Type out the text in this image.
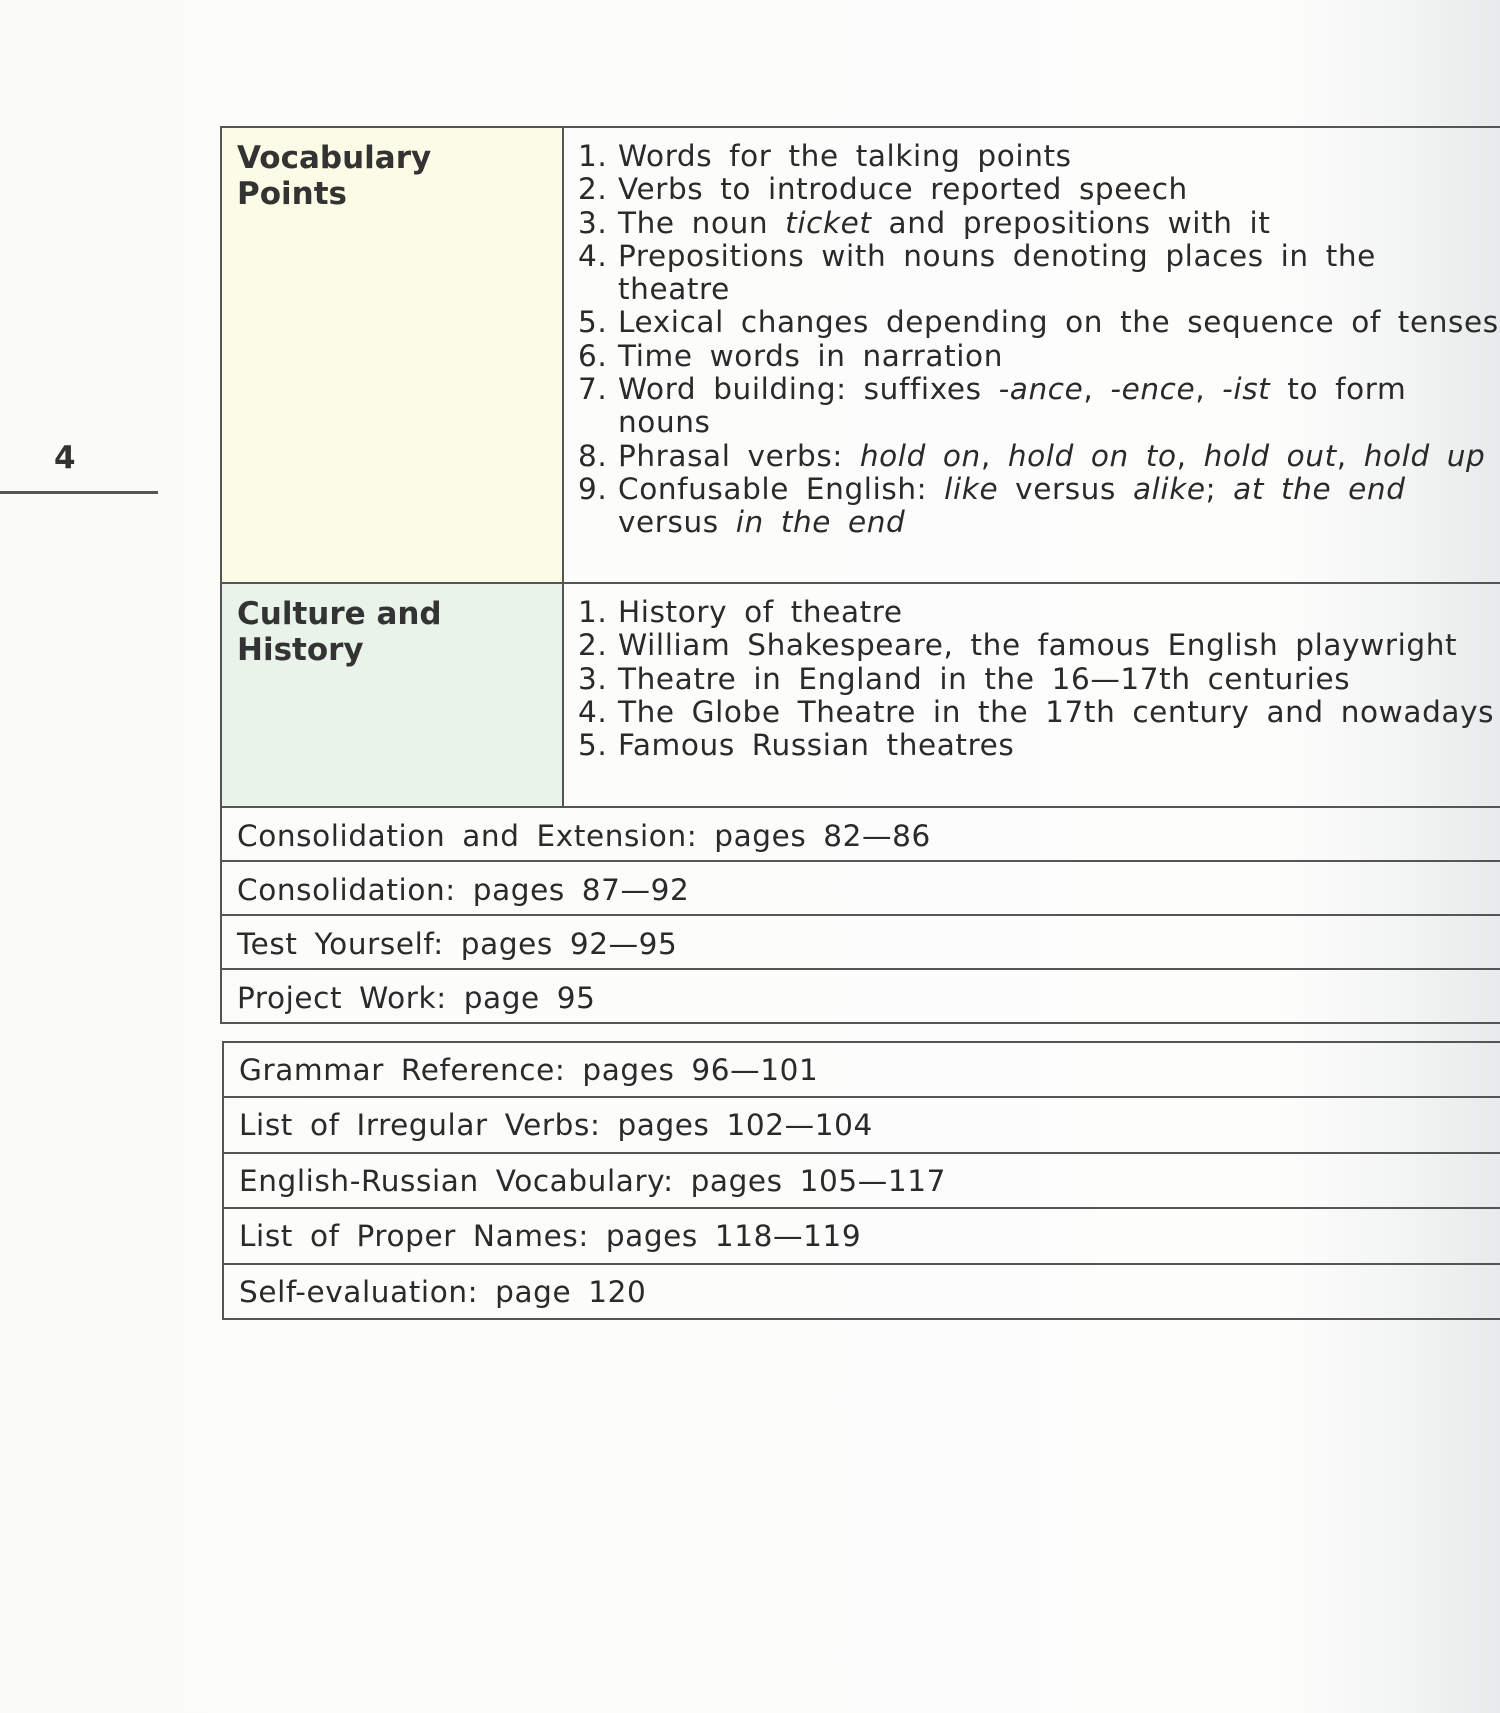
4
Vocabulary
Points
1. Words for the talking points
2. Verbs to introduce reported speech
3. The noun ticket and prepositions with it
4. Prepositions with nouns denoting places in the theatre
5. Lexical changes depending on the sequence of tenses
6. Time words in narration
7. Word building: suffixes -ance, -ence, -ist to form nouns
8. Phrasal verbs: hold on, hold on to, hold out, hold up
9. Confusable English: like versus alike; at the end versus in the end
Culture and
History
1. History of theatre
2. William Shakespeare, the famous English playwright
3. Theatre in England in the 16—17th centuries
4. The Globe Theatre in the 17th century and nowadays
5. Famous Russian theatres
Consolidation and Extension: pages 82—86
Consolidation: pages 87—92
Test Yourself: pages 92—95
Project Work: page 95
Grammar Reference: pages 96—101
List of Irregular Verbs: pages 102—104
English-Russian Vocabulary: pages 105—117
List of Proper Names: pages 118—119
Self-evaluation: page 120
